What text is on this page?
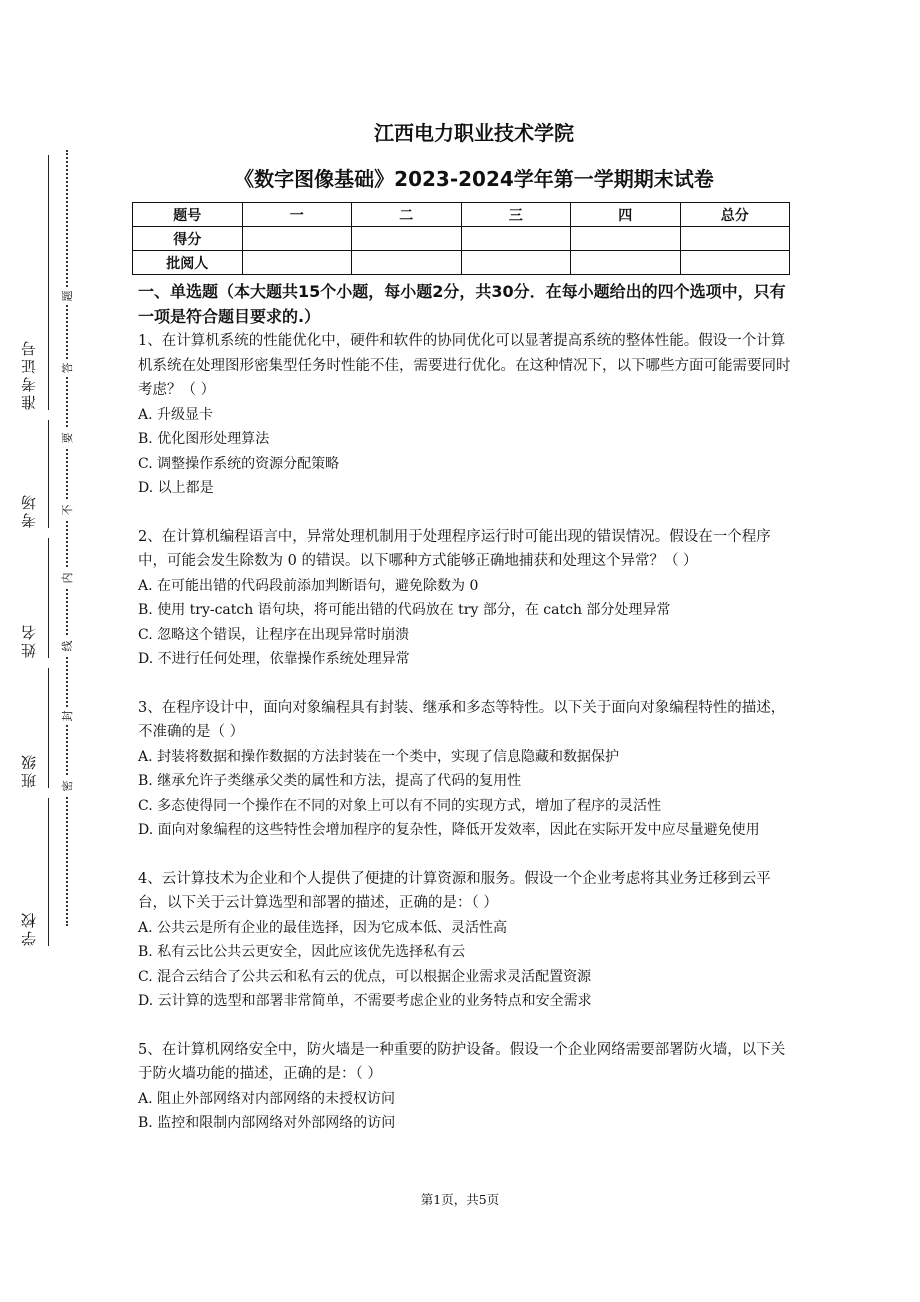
准考证号
考场
姓名
班级
学校
题
答
要
不
内
线
封
密
江西电力职业技术学院
《数字图像基础》2023-2024学年第一学期期末试卷
题号	一	二	三	四	总分
得分					
批阅人					

一、单选题（本大题共15个小题，每小题2分，共30分．在每小题给出的四个选项中，只有一项是符合题目要求的.）

1、在计算机系统的性能优化中，硬件和软件的协同优化可以显著提高系统的整体性能。假设一个计算机系统在处理图形密集型任务时性能不佳，需要进行优化。在这种情况下，以下哪些方面可能需要同时考虑？（ ）

A. 升级显卡

B. 优化图形处理算法

C. 调整操作系统的资源分配策略

D. 以上都是

2、在计算机编程语言中，异常处理机制用于处理程序运行时可能出现的错误情况。假设在一个程序中，可能会发生除数为 0 的错误。以下哪种方式能够正确地捕获和处理这个异常？（ ）

A. 在可能出错的代码段前添加判断语句，避免除数为 0

B. 使用 try-catch 语句块，将可能出错的代码放在 try 部分，在 catch 部分处理异常

C. 忽略这个错误，让程序在出现异常时崩溃

D. 不进行任何处理，依靠操作系统处理异常

3、在程序设计中，面向对象编程具有封装、继承和多态等特性。以下关于面向对象编程特性的描述，不准确的是（ ）

A. 封装将数据和操作数据的方法封装在一个类中，实现了信息隐藏和数据保护

B. 继承允许子类继承父类的属性和方法，提高了代码的复用性

C. 多态使得同一个操作在不同的对象上可以有不同的实现方式，增加了程序的灵活性

D. 面向对象编程的这些特性会增加程序的复杂性，降低开发效率，因此在实际开发中应尽量避免使用

4、云计算技术为企业和个人提供了便捷的计算资源和服务。假设一个企业考虑将其业务迁移到云平台，以下关于云计算选型和部署的描述，正确的是：（ ）

A. 公共云是所有企业的最佳选择，因为它成本低、灵活性高

B. 私有云比公共云更安全，因此应该优先选择私有云

C. 混合云结合了公共云和私有云的优点，可以根据企业需求灵活配置资源

D. 云计算的选型和部署非常简单，不需要考虑企业的业务特点和安全需求

5、在计算机网络安全中，防火墙是一种重要的防护设备。假设一个企业网络需要部署防火墙，以下关于防火墙功能的描述，正确的是：（ ）

A. 阻止外部网络对内部网络的未授权访问

B. 监控和限制内部网络对外部网络的访问

第1页，共5页
